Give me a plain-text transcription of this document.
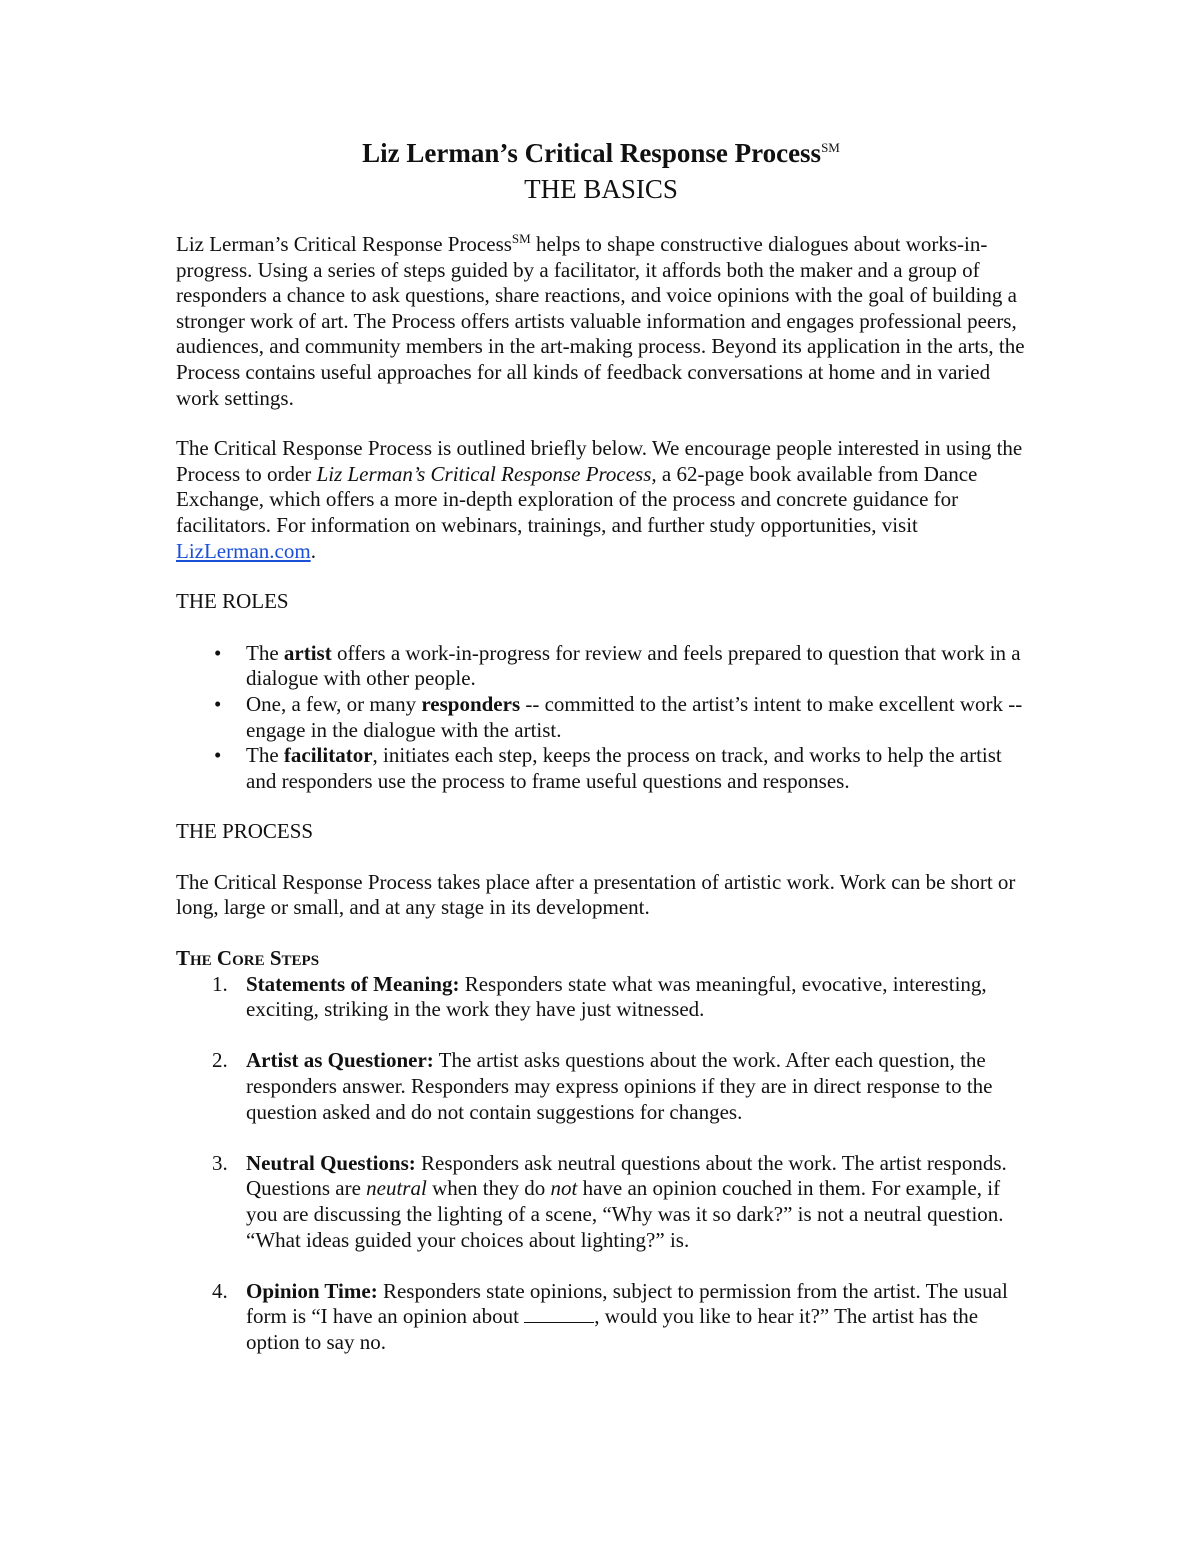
Liz Lerman’s Critical Response Process℠

THE BASICS

Liz Lerman’s Critical Response Process℠ helps to shape constructive dialogues about works-in-progress. Using a series of steps guided by a facilitator, it affords both the maker and a group of responders a chance to ask questions, share reactions, and voice opinions with the goal of building a stronger work of art. The Process offers artists valuable information and engages professional peers, audiences, and community members in the art-making process. Beyond its application in the arts, the Process contains useful approaches for all kinds of feedback conversations at home and in varied work settings.

The Critical Response Process is outlined briefly below. We encourage people interested in using the Process to order Liz Lerman’s Critical Response Process, a 62-page book available from Dance Exchange, which offers a more in-depth exploration of the process and concrete guidance for facilitators. For information on webinars, trainings, and further study opportunities, visit LizLerman.com.

THE ROLES

• The artist offers a work-in-progress for review and feels prepared to question that work in a dialogue with other people.
• One, a few, or many responders -- committed to the artist’s intent to make excellent work -- engage in the dialogue with the artist.
• The facilitator, initiates each step, keeps the process on track, and works to help the artist and responders use the process to frame useful questions and responses.

THE PROCESS

The Critical Response Process takes place after a presentation of artistic work. Work can be short or long, large or small, and at any stage in its development.

The Core Steps

1. Statements of Meaning: Responders state what was meaningful, evocative, interesting, exciting, striking in the work they have just witnessed.
2. Artist as Questioner: The artist asks questions about the work. After each question, the responders answer. Responders may express opinions if they are in direct response to the question asked and do not contain suggestions for changes.
3. Neutral Questions: Responders ask neutral questions about the work. The artist responds. Questions are neutral when they do not have an opinion couched in them. For example, if you are discussing the lighting of a scene, “Why was it so dark?” is not a neutral question. “What ideas guided your choices about lighting?” is.
4. Opinion Time: Responders state opinions, subject to permission from the artist. The usual form is “I have an opinion about	, would you like to hear it?” The artist has the option to say no.
